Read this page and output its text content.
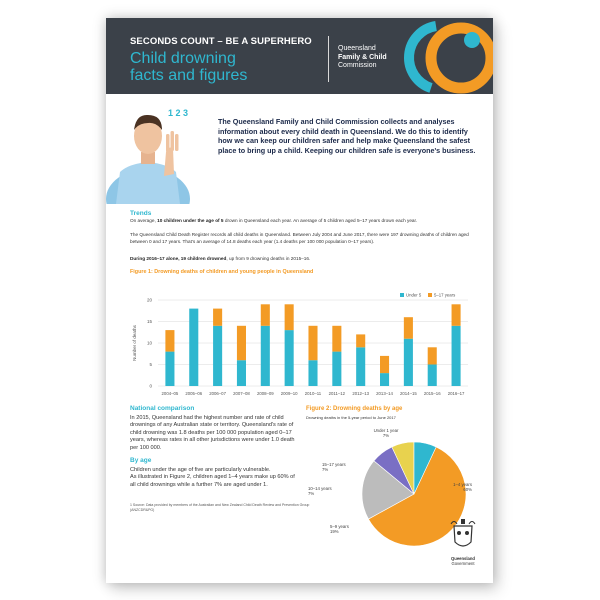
SECONDS COUNT – BE A SUPERHERO
Child drowning
facts and figures
Queensland
Family & Child
Commission
1 2 3
The Queensland Family and Child Commission collects and analyses information about every child death in Queensland. We do this to identify how we can keep our children safer and help make Queensland the safest place to bring up a child. Keeping our children safe is everyone's business.
Trends
On average, 10 children under the age of 5 drown in Queensland each year. An average of 5 children aged 5–17 years drown each year.
The Queensland Child Death Register records all child deaths in Queensland. Between July 2004 and June 2017, there were 197 drowning deaths of children aged between 0 and 17 years. That's an average of 14.8 deaths each year (1.4 deaths per 100 000 population 0–17 years).
During 2016–17 alone, 19 children drowned, up from 9 drowning deaths in 2015–16.
Figure 1: Drowning deaths of children and young people in Queensland
0
5
10
15
20
Number of deaths
2004–05 2005–06 2006–07 2007–08 2008–09 2009–10 2010–11 2011–12 2012–13 2013–14 2014–15 2015–16 2016–17
Under 5	5–17 years
National comparison
In 2015, Queensland had the highest number and rate of child drownings of any Australian state or territory. Queensland's rate of child drowning was 1.8 deaths per 100 000 population aged 0–17 years, whereas rates in all other jurisdictions were under 1.0 death per 100 000.
By age
Children under the age of five are particularly vulnerable.
As illustrated in Figure 2, children aged 1–4 years make up 60% of all child drownings while a further 7% are aged under 1.
Figure 2: Drowning deaths by age
Drowning deaths in the 5-year period to June 2017
1–4 years
60%
5–9 years
19%
10–14 years
7%
15–17 years
7%
Under 1 year
7%
1 Source: Data provided by members of the Australian and New Zealand Child Death Review and Prevention Group (ANZCDR&PG)
Queensland
Government
